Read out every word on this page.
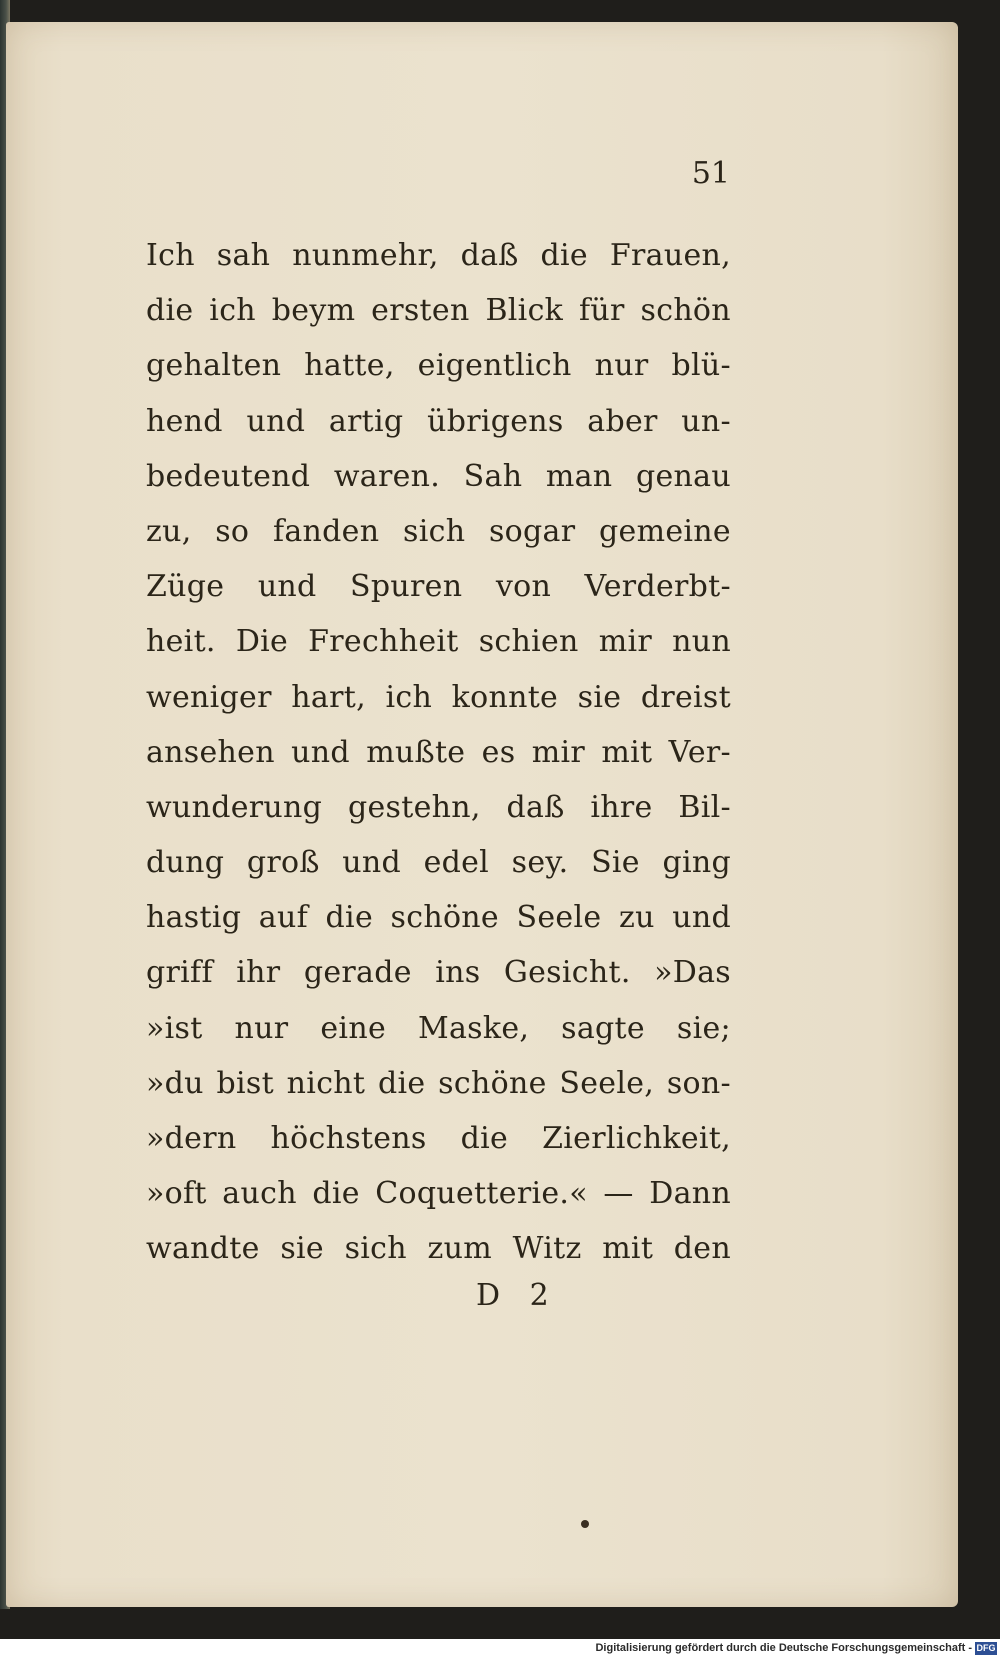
51
Ich sah nunmehr, daß die Frauen,
die ich beym ersten Blick für schön
gehalten hatte, eigentlich nur blü-
hend und artig übrigens aber un-
bedeutend waren. Sah man genau
zu, so fanden sich sogar gemeine
Züge und Spuren von Verderbt-
heit. Die Frechheit schien mir nun
weniger hart, ich konnte sie dreist
ansehen und mußte es mir mit Ver-
wunderung gestehn, daß ihre Bil-
dung groß und edel sey. Sie ging
hastig auf die schöne Seele zu und
griff ihr gerade ins Gesicht. »Das
»ist nur eine Maske, sagte sie;
»du bist nicht die schöne Seele, son-
»dern höchstens die Zierlichkeit,
»oft auch die Coquetterie.« — Dann
wandte sie sich zum Witz mit den
D 2
Digitalisierung gefördert durch die Deutsche Forschungsgemeinschaft - DFG
